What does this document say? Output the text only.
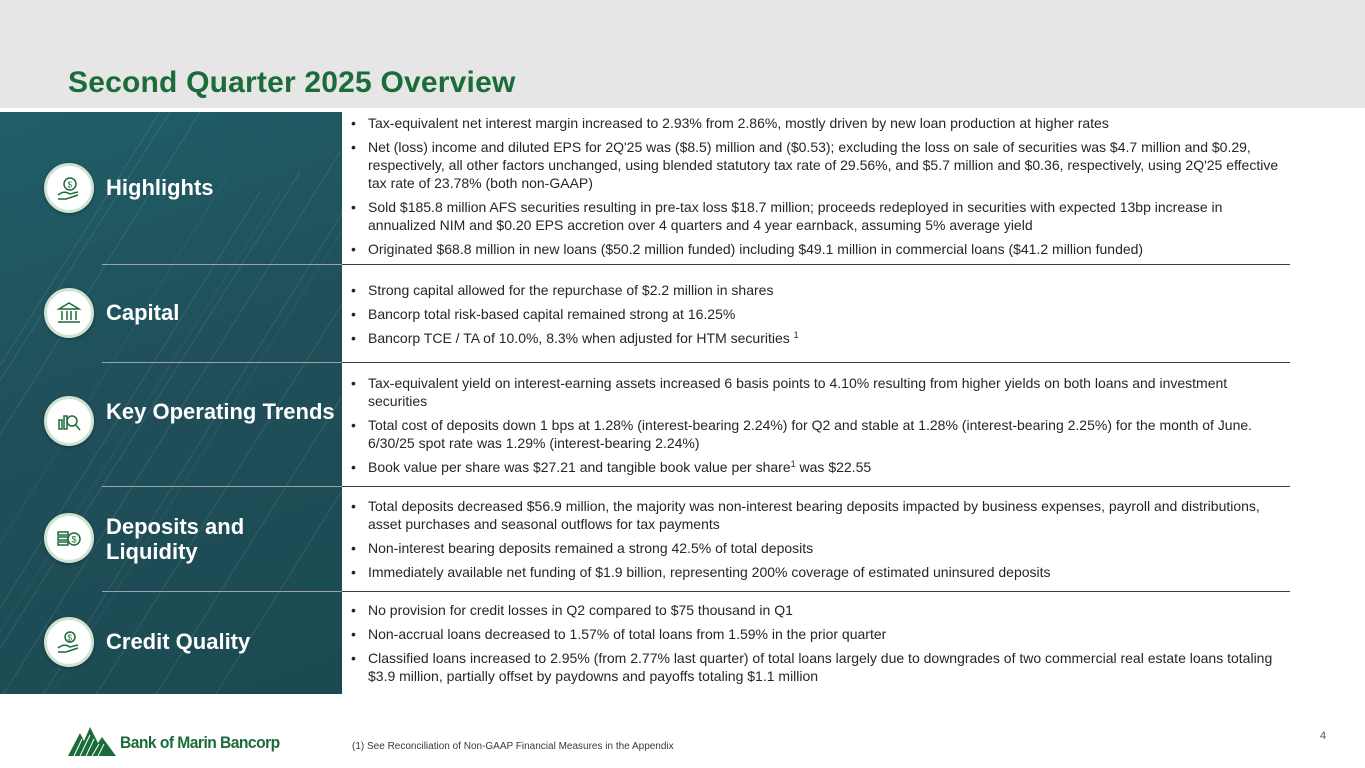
Second Quarter 2025 Overview
$ Highlights
Capital
Key Operating Trends
$
Deposits and Liquidity
$ Credit Quality
• Tax-equivalent net interest margin increased to 2.93% from 2.86%, mostly driven by new loan production at higher rates
• Net (loss) income and diluted EPS for 2Q'25 was ($8.5) million and ($0.53); excluding the loss on sale of securities was $4.7 million and $0.29, respectively, all other factors unchanged, using blended statutory tax rate of 29.56%, and $5.7 million and $0.36, respectively, using 2Q'25 effective tax rate of 23.78% (both non-GAAP)
• Sold $185.8 million AFS securities resulting in pre-tax loss $18.7 million; proceeds redeployed in securities with expected 13bp increase in annualized NIM and $0.20 EPS accretion over 4 quarters and 4 year earnback, assuming 5% average yield
• Originated $68.8 million in new loans ($50.2 million funded) including $49.1 million in commercial loans ($41.2 million funded)
• Strong capital allowed for the repurchase of $2.2 million in shares
• Bancorp total risk-based capital remained strong at 16.25%
• Bancorp TCE / TA of 10.0%, 8.3% when adjusted for HTM securities $^1$
• Tax-equivalent yield on interest-earning assets increased 6 basis points to 4.10% resulting from higher yields on both loans and investment securities
• Total cost of deposits down 1 bps at 1.28% (interest-bearing 2.24%) for Q2 and stable at 1.28% (interest-bearing 2.25%) for the month of June. 6/30/25 spot rate was 1.29% (interest-bearing 2.24%)
• Book value per share was $27.21 and tangible book value per share$^1$ was $22.55
• Total deposits decreased $56.9 million, the majority was non-interest bearing deposits impacted by business expenses, payroll and distributions, asset purchases and seasonal outflows for tax payments
• Non-interest bearing deposits remained a strong 42.5% of total deposits
• Immediately available net funding of $1.9 billion, representing 200% coverage of estimated uninsured deposits
• No provision for credit losses in Q2 compared to $75 thousand in Q1
• Non-accrual loans decreased to 1.57% of total loans from 1.59% in the prior quarter
• Classified loans increased to 2.95% (from 2.77% last quarter) of total loans largely due to downgrades of two commercial real estate loans totaling $3.9 million, partially offset by paydowns and payoffs totaling $1.1 million
Bank of Marin Bancorp	(1) See Reconciliation of Non-GAAP Financial Measures in the Appendix
4
